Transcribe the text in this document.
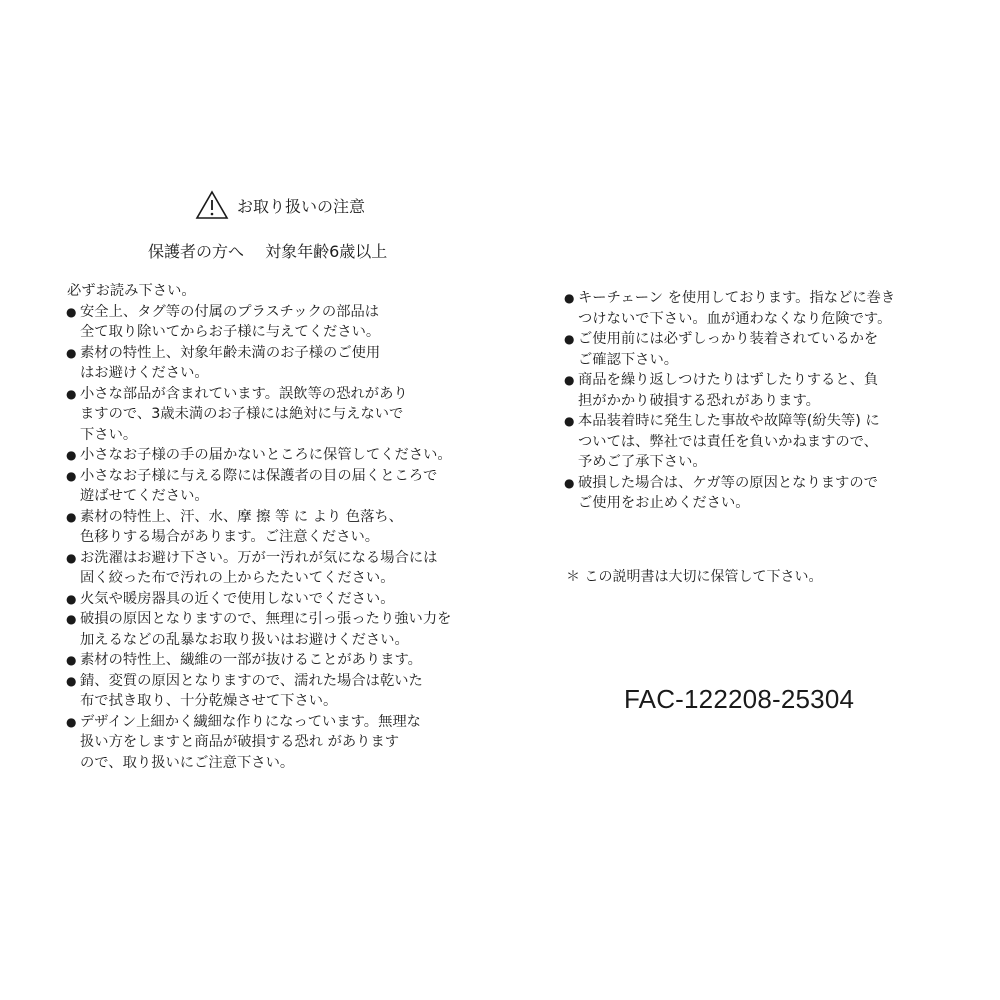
お取り扱いの注意
保護者の方へ　 対象年齢6歳以上
必ずお読み下さい。
● 安全上、タグ等の付属のプラスチックの部品は
全て取り除いてからお子様に与えてください。
● 素材の特性上、対象年齢未満のお子様のご使用
はお避けください。
● 小さな部品が含まれています。誤飲等の恐れがあり
ますので、3歳未満のお子様には絶対に与えないで
下さい。
● 小さなお子様の手の届かないところに保管してください。
● 小さなお子様に与える際には保護者の目の届くところで
遊ばせてください。
● 素材の特性上、汗、水、摩 擦 等 に より 色落ち、
色移りする場合があります。ご注意ください。
● お洗濯はお避け下さい。万が一汚れが気になる場合には
固く絞った布で汚れの上からたたいてください。
● 火気や暖房器具の近くで使用しないでください。
● 破損の原因となりますので、無理に引っ張ったり強い力を
加えるなどの乱暴なお取り扱いはお避けください。
● 素材の特性上、繊維の一部が抜けることがあります。
● 錆、変質の原因となりますので、濡れた場合は乾いた
布で拭き取り、十分乾燥させて下さい。
● デザイン上細かく繊細な作りになっています。無理な
扱い方をしますと商品が破損する恐れ があります
ので、取り扱いにご注意下さい。
● キーチェーン を使用しております。指などに巻き
つけないで下さい。血が通わなくなり危険です。
● ご使用前には必ずしっかり装着されているかを
ご確認下さい。
● 商品を繰り返しつけたりはずしたりすると、負
担がかかり破損する恐れがあります。
● 本品装着時に発生した事故や故障等(紛失等) に
ついては、弊社では責任を負いかねますので、
予めご了承下さい。
● 破損した場合は、ケガ等の原因となりますので
ご使用をお止めください。
＊ この説明書は大切に保管して下さい。
FAC-122208-25304
